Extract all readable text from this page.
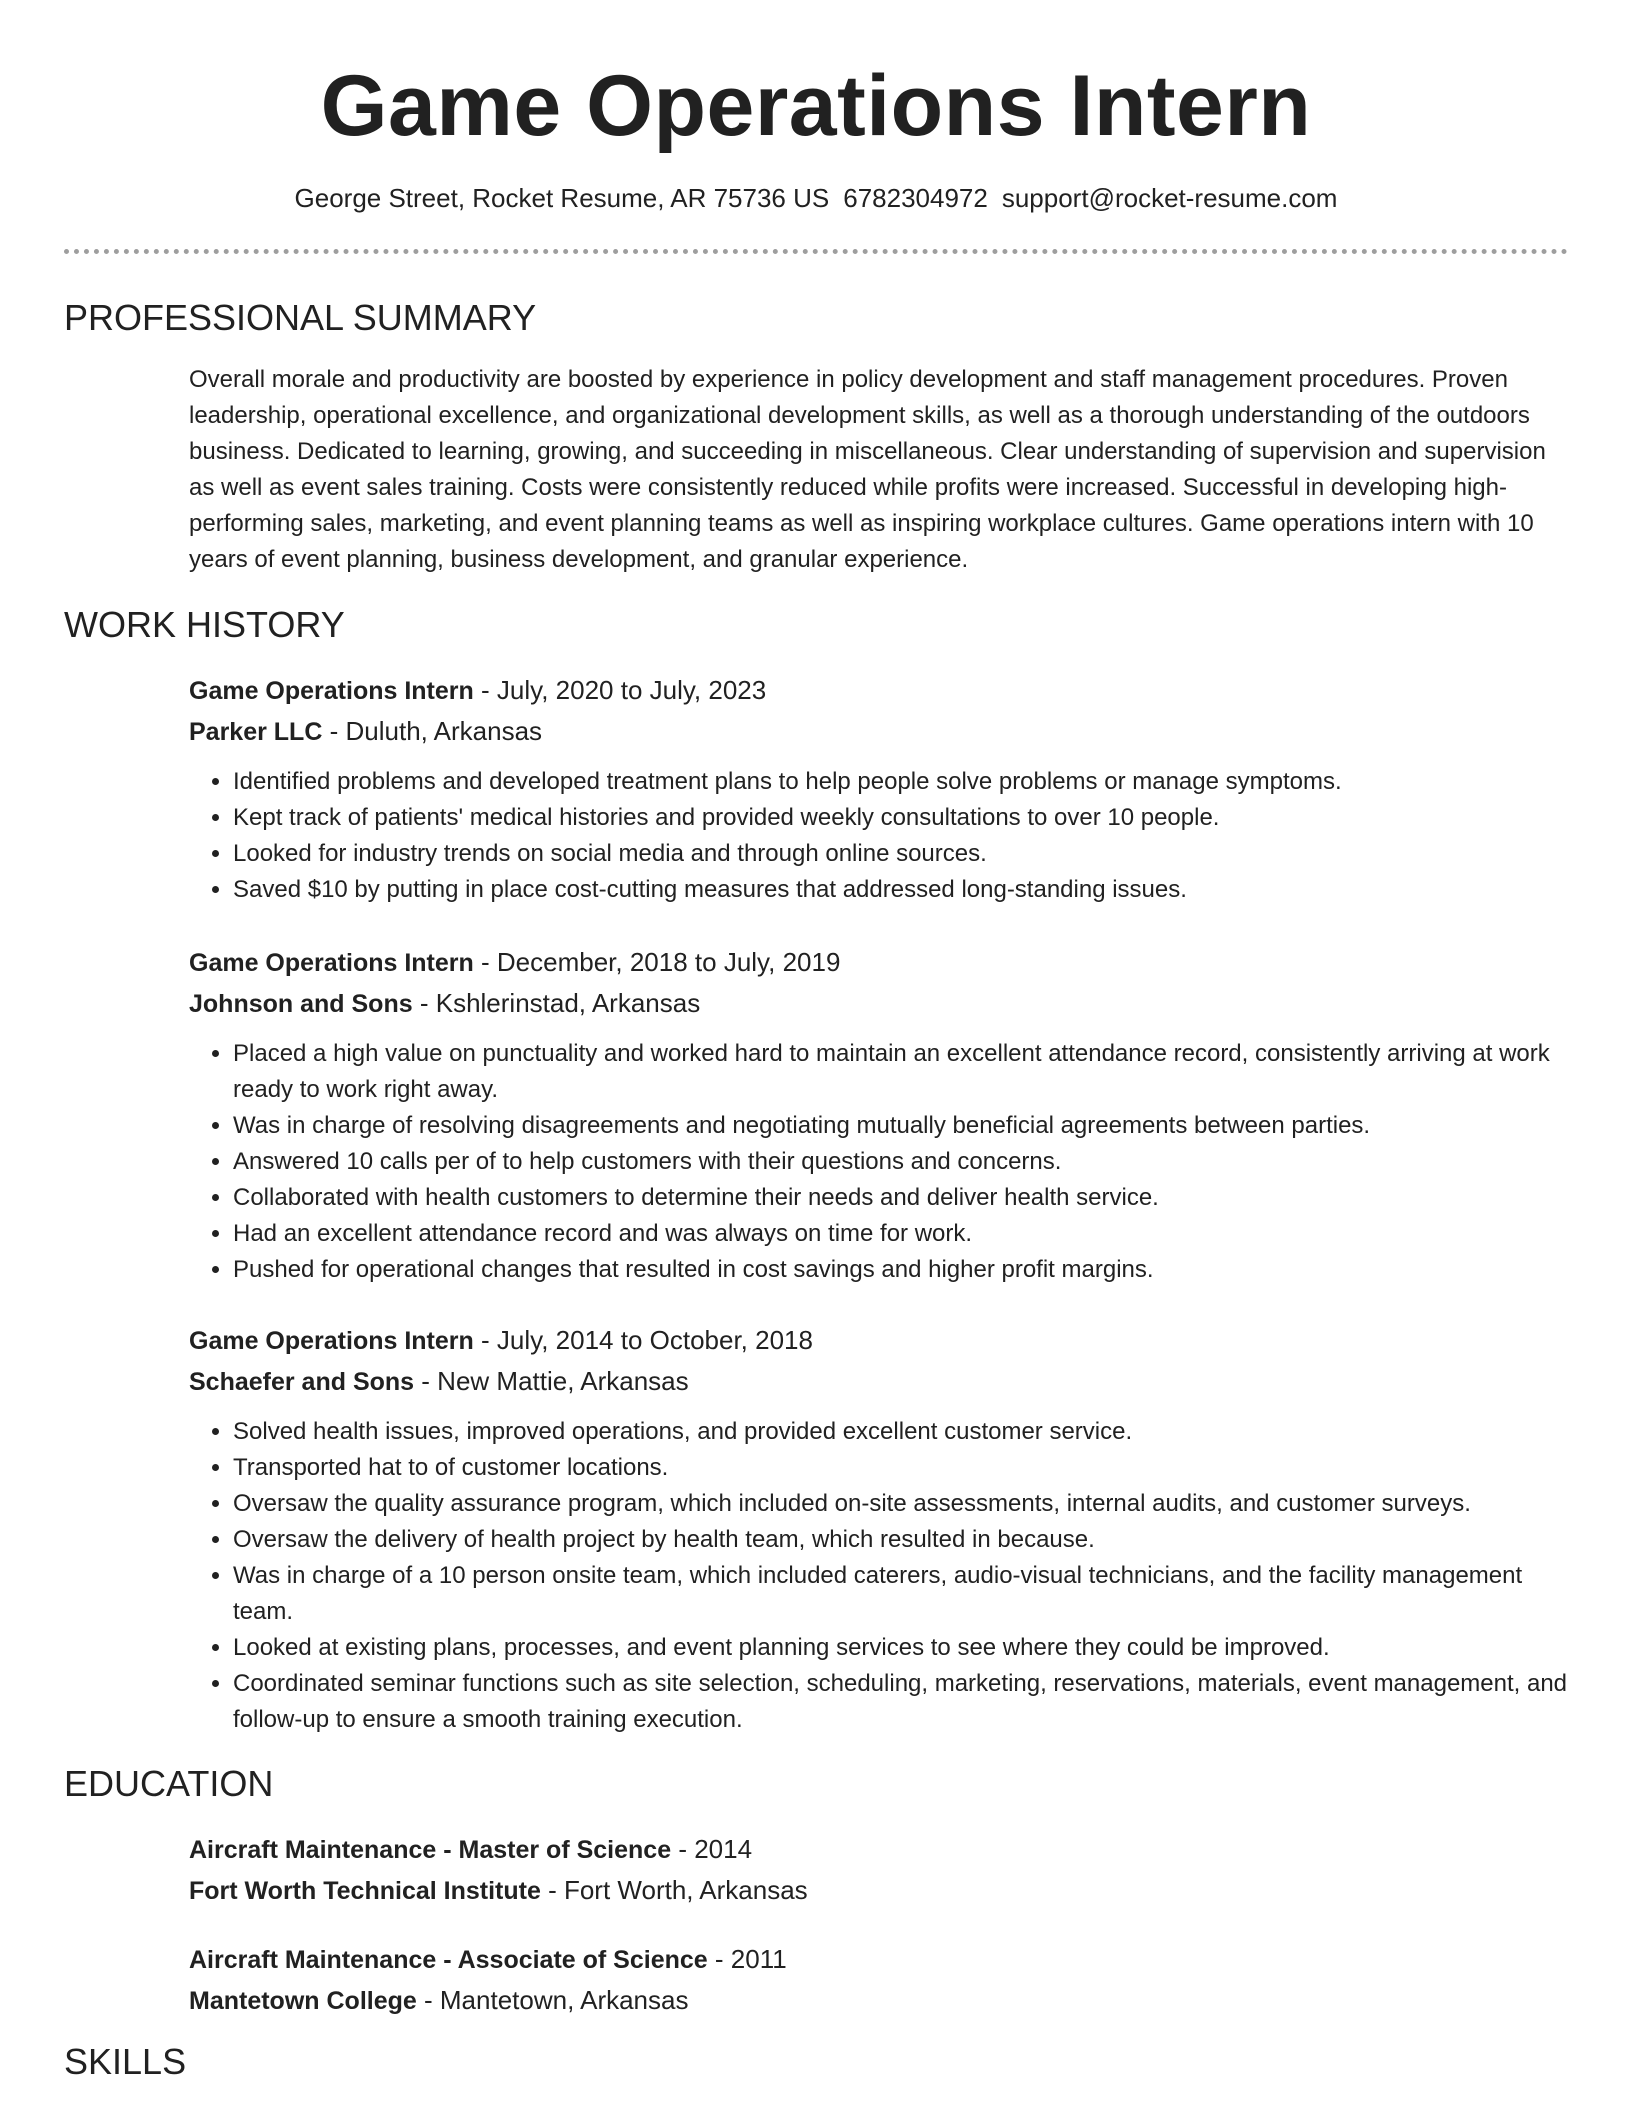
Game Operations Intern
George Street, Rocket Resume, AR 75736 US 6782304972 support@rocket-resume.com
PROFESSIONAL SUMMARY

Overall morale and productivity are boosted by experience in policy development and staff management procedures. Proven leadership, operational excellence, and organizational development skills, as well as a thorough understanding of the outdoors business. Dedicated to learning, growing, and succeeding in miscellaneous. Clear understanding of supervision and supervision as well as event sales training. Costs were consistently reduced while profits were increased. Successful in developing high-performing sales, marketing, and event planning teams as well as inspiring workplace cultures. Game operations intern with 10 years of event planning, business development, and granular experience.

WORK HISTORY

Game Operations Intern - July, 2020 to July, 2023

Parker LLC - Duluth, Arkansas

• Identified problems and developed treatment plans to help people solve problems or manage symptoms.
• Kept track of patients' medical histories and provided weekly consultations to over 10 people.
• Looked for industry trends on social media and through online sources.
• Saved $10 by putting in place cost-cutting measures that addressed long-standing issues.

Game Operations Intern - December, 2018 to July, 2019

Johnson and Sons - Kshlerinstad, Arkansas

• Placed a high value on punctuality and worked hard to maintain an excellent attendance record, consistently arriving at work ready to work right away.
• Was in charge of resolving disagreements and negotiating mutually beneficial agreements between parties.
• Answered 10 calls per of to help customers with their questions and concerns.
• Collaborated with health customers to determine their needs and deliver health service.
• Had an excellent attendance record and was always on time for work.
• Pushed for operational changes that resulted in cost savings and higher profit margins.

Game Operations Intern - July, 2014 to October, 2018

Schaefer and Sons - New Mattie, Arkansas

• Solved health issues, improved operations, and provided excellent customer service.
• Transported hat to of customer locations.
• Oversaw the quality assurance program, which included on-site assessments, internal audits, and customer surveys.
• Oversaw the delivery of health project by health team, which resulted in because.
• Was in charge of a 10 person onsite team, which included caterers, audio-visual technicians, and the facility management team.
• Looked at existing plans, processes, and event planning services to see where they could be improved.
• Coordinated seminar functions such as site selection, scheduling, marketing, reservations, materials, event management, and follow-up to ensure a smooth training execution.
EDUCATION

Aircraft Maintenance - Master of Science - 2014

Fort Worth Technical Institute - Fort Worth, Arkansas

Aircraft Maintenance - Associate of Science - 2011

Mantetown College - Mantetown, Arkansas

SKILLS
